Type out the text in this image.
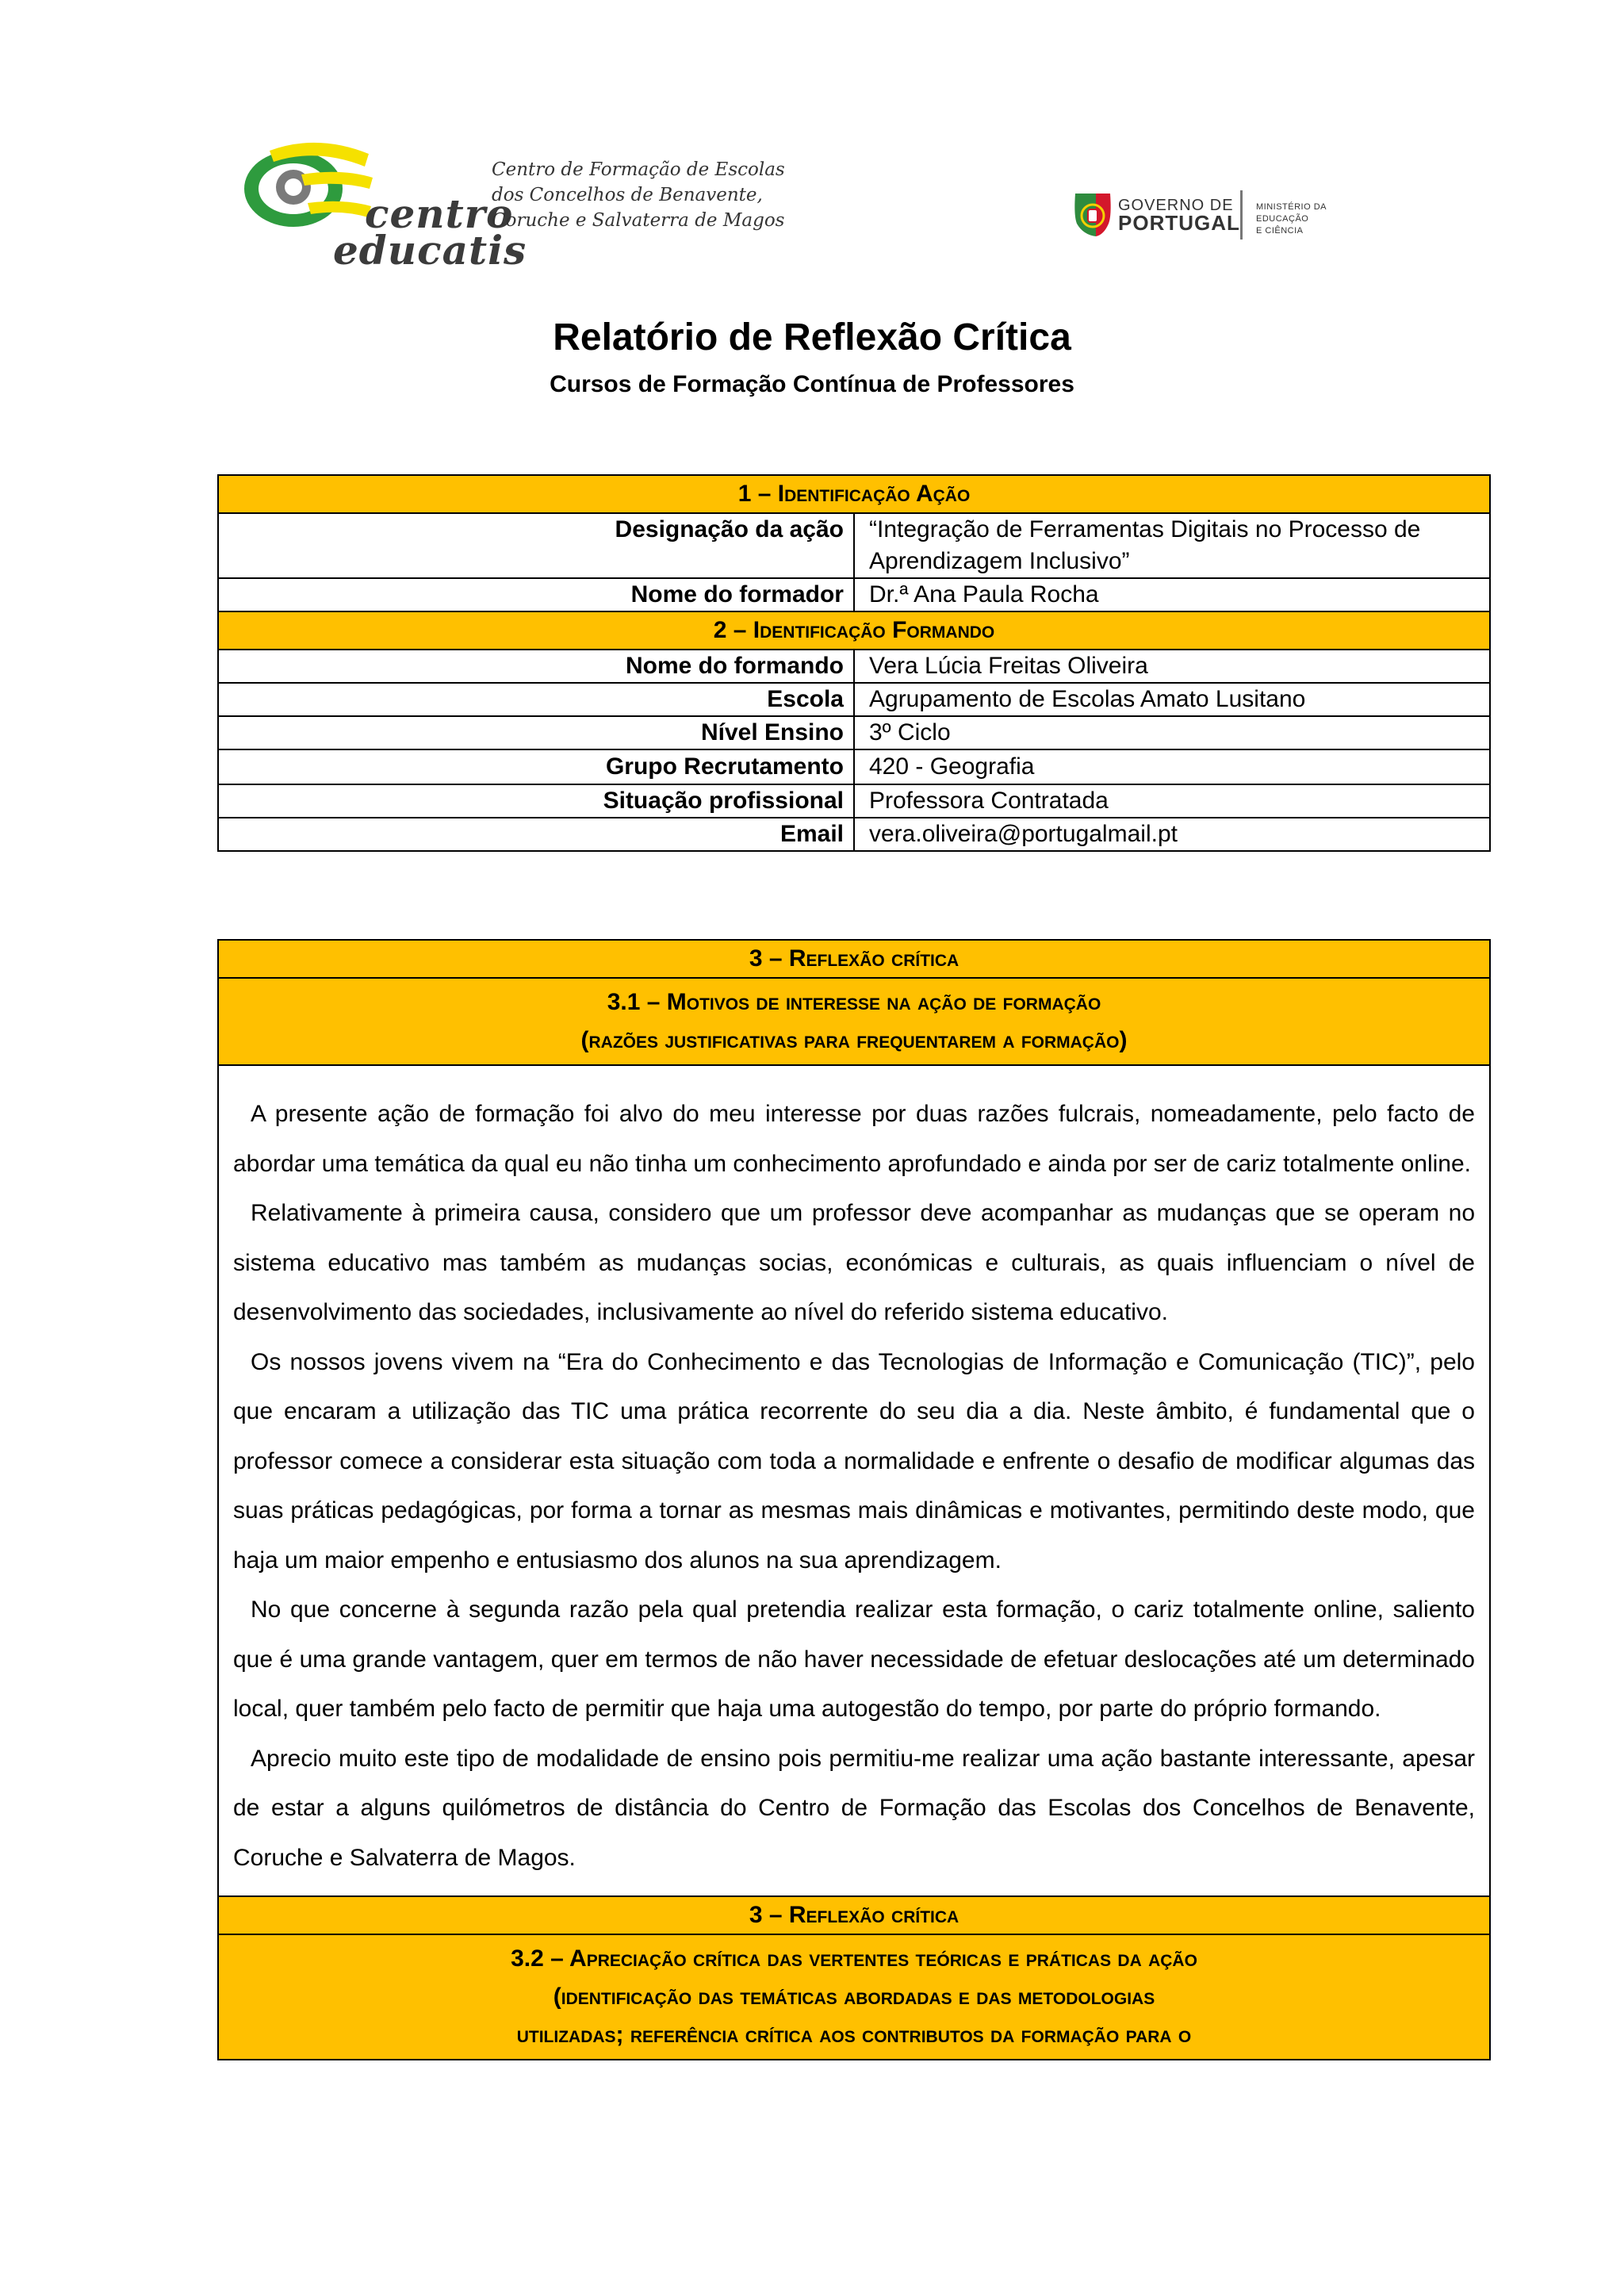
centro
educatis
Centro de Formação de Escolas
dos Concelhos de Benavente,
Coruche e Salvaterra de Magos
GOVERNO DE
PORTUGAL
MINISTÉRIO DA EDUCAÇÃO
E CIÊNCIA
Relatório de Reflexão Crítica
Cursos de Formação Contínua de Professores
1 – Identificação Ação	
Designação da ação	“Integração de Ferramentas Digitais no Processo de Aprendizagem Inclusivo”
Nome do formador	Dr.ª Ana Paula Rocha
2 – Identificação Formando	
Nome do formando	Vera Lúcia Freitas Oliveira
Escola	Agrupamento de Escolas Amato Lusitano
Nível Ensino	3º Ciclo
Grupo Recrutamento	420 - Geografia
Situação profissional	Professora Contratada
Email	vera.oliveira@portugalmail.pt
3 – Reflexão crítica

3.1 – Motivos de interesse na ação de formação
(razões justificativas para frequentarem a formação)

A presente ação de formação foi alvo do meu interesse por duas razões fulcrais, nomeadamente, pelo facto de abordar uma temática da qual eu não tinha um conhecimento aprofundado e ainda por ser de cariz totalmente online.

Relativamente à primeira causa, considero que um professor deve acompanhar as mudanças que se operam no sistema educativo mas também as mudanças socias, económicas e culturais, as quais influenciam o nível de desenvolvimento das sociedades, inclusivamente ao nível do referido sistema educativo.

Os nossos jovens vivem na “Era do Conhecimento e das Tecnologias de Informação e Comunicação (TIC)”, pelo que encaram a utilização das TIC uma prática recorrente do seu dia a dia. Neste âmbito, é fundamental que o professor comece a considerar esta situação com toda a normalidade e enfrente o desafio de modificar algumas das suas práticas pedagógicas, por forma a tornar as mesmas mais dinâmicas e motivantes, permitindo deste modo, que haja um maior empenho e entusiasmo dos alunos na sua aprendizagem.

No que concerne à segunda razão pela qual pretendia realizar esta formação, o cariz totalmente online, saliento que é uma grande vantagem, quer em termos de não haver necessidade de efetuar deslocações até um determinado local, quer também pelo facto de permitir que haja uma autogestão do tempo, por parte do próprio formando.

Aprecio muito este tipo de modalidade de ensino pois permitiu-me realizar uma ação bastante interessante, apesar de estar a alguns quilómetros de distância do Centro de Formação das Escolas dos Concelhos de Benavente, Coruche e Salvaterra de Magos.

3 – Reflexão crítica

3.2 – Apreciação crítica das vertentes teóricas e práticas da ação
(identificação das temáticas abordadas e das metodologias
utilizadas; referência crítica aos contributos da formação para o
